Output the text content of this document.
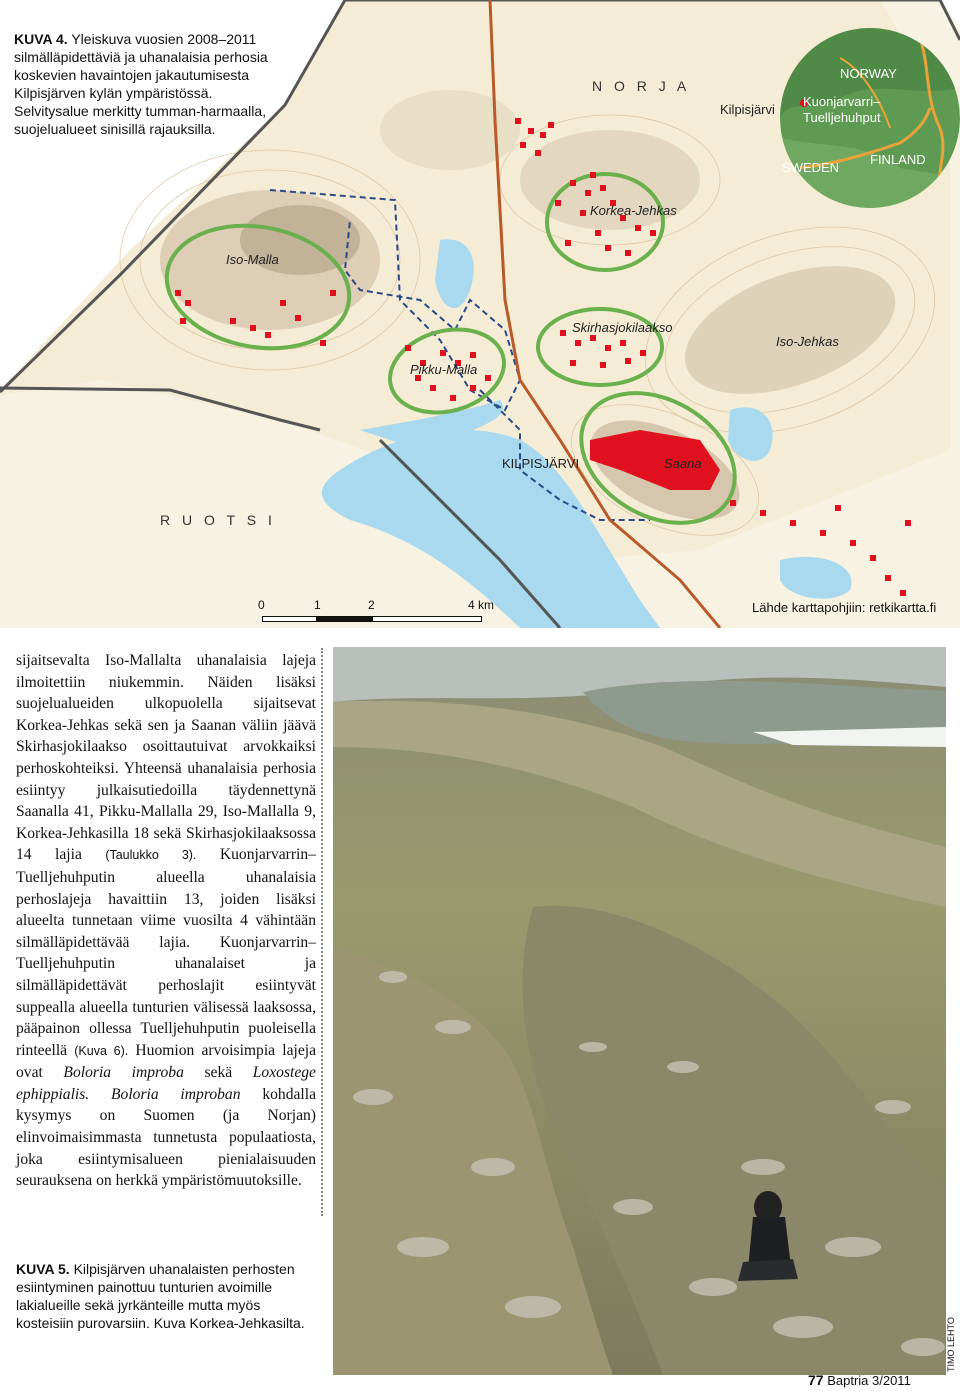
KUVA 4. Yleiskuva vuosien 2008–2011 silmälläpidettäviä ja uhanalaisia perhosia koskevien havaintojen jakautumisesta Kilpisjärven kylän ympäristössä. Selvitysalue merkitty tumman-harmaalla, suojelualueet sinisillä rajauksilla.
N O R J A
R U O T S I
Korkea-Jehkas
Iso-Malla
Skirhasjokilaakso
Iso-Jehkas
Pikku-Malla
KILPISJÄRVI	Saana
NORWAY
Kilpisjärvi
Kuonjarvarri–
Tuelljehuhput
SWEDEN
FINLAND
0	1	2	4 km	Lähde karttapohjiin: retkikartta.fi

sijaitsevalta Iso-Mallalta uhanalaisia lajeja ilmoitettiin niukemmin. Näiden lisäksi suojelualueiden ulkopuolella sijaitsevat Korkea-Jehkas sekä sen ja Saanan väliin jäävä Skirhasjokilaakso osoittautuivat arvokkaiksi perhoskohteiksi. Yhteensä uhanalaisia perhosia esiintyy julkaisutiedoilla täydennettynä Saanalla 41, Pikku-Mallalla 29, Iso-Mallalla 9, Korkea-Jehkasilla 18 sekä Skirhasjokilaaksossa 14 lajia (Taulukko 3). Kuonjarvarrin–Tuelljehuhputin alueella uhanalaisia perhoslajeja havaittiin 13, joiden lisäksi alueelta tunnetaan viime vuosilta 4 vähintään silmälläpidettävää lajia. Kuonjarvarrin–Tuelljehuhputin uhanalaiset ja silmälläpidettävät perhoslajit esiintyvät suppealla alueella tunturien välisessä laaksossa, pääpainon ollessa Tuelljehuhputin puoleisella rinteellä (Kuva 6). Huomion arvoisimpia lajeja ovat Boloria improba sekä Loxostege ephippialis. Boloria improban kohdalla kysymys on Suomen (ja Norjan) elinvoimaisimmasta tunnetusta populaatiosta, joka esiintymisalueen pienialaisuuden seurauksena on herkkä ympäristömuutoksille.

TIMO LEHTO
KUVA 5. Kilpisjärven uhanalaisten perhosten esiintyminen painottuu tunturien avoimille lakialueille sekä jyrkänteille mutta myös kosteisiin purovarsiin. Kuva Korkea-Jehkasilta.
77 Baptria 3/2011
